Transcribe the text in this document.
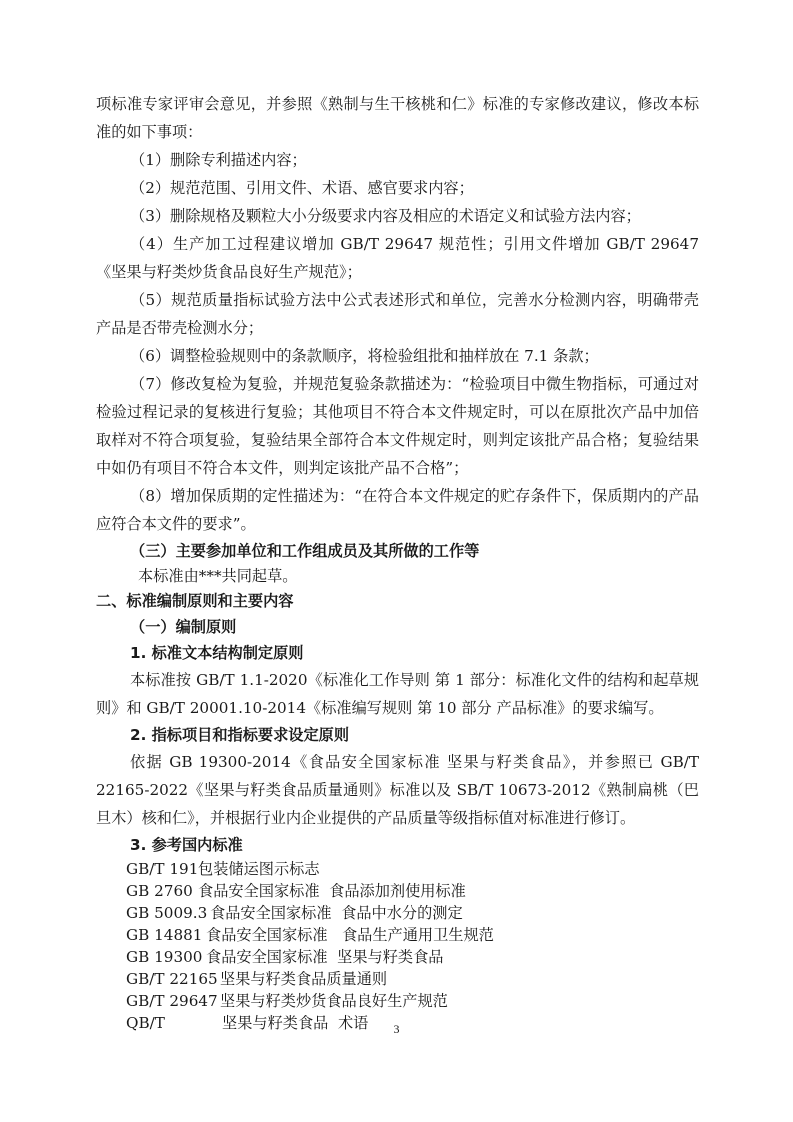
项标准专家评审会意见，并参照《熟制与生干核桃和仁》标准的专家修改建议，修改本标准的如下事项：

（1）删除专利描述内容；

（2）规范范围、引用文件、术语、感官要求内容；

（3）删除规格及颗粒大小分级要求内容及相应的术语定义和试验方法内容；

（4）生产加工过程建议增加 GB/T 29647 规范性；引用文件增加 GB/T 29647《坚果与籽类炒货食品良好生产规范》；

（5）规范质量指标试验方法中公式表述形式和单位，完善水分检测内容，明确带壳产品是否带壳检测水分；

（6）调整检验规则中的条款顺序，将检验组批和抽样放在 7.1 条款；

（7）修改复检为复验，并规范复验条款描述为：“检验项目中微生物指标，可通过对检验过程记录的复核进行复验；其他项目不符合本文件规定时，可以在原批次产品中加倍取样对不符合项复验，复验结果全部符合本文件规定时，则判定该批产品合格；复验结果中如仍有项目不符合本文件，则判定该批产品不合格”；

（8）增加保质期的定性描述为：“在符合本文件规定的贮存条件下，保质期内的产品应符合本文件的要求”。

（三）主要参加单位和工作组成员及其所做的工作等

本标准由***共同起草。

二、标准编制原则和主要内容

（一）编制原则

1. 标准文本结构制定原则

本标准按 GB/T 1.1-2020《标准化工作导则 第 1 部分：标准化文件的结构和起草规则》和 GB/T 20001.10-2014《标准编写规则 第 10 部分 产品标准》的要求编写。

2. 指标项目和指标要求设定原则

依据 GB 19300-2014《食品安全国家标准 坚果与籽类食品》，并参照已 GB/T 22165-2022《坚果与籽类食品质量通则》标准以及 SB/T 10673-2012《熟制扁桃（巴旦木）核和仁》，并根据行业内企业提供的产品质量等级指标值对标准进行修订。

3. 参考国内标准

GB/T 191包装储运图示标志
GB 2760 食品安全国家标准  食品添加剂使用标准
GB 5009.3 食品安全国家标准  食品中水分的测定
GB 14881 食品安全国家标准   食品生产通用卫生规范
GB 19300 食品安全国家标准  坚果与籽类食品
GB/T 22165 坚果与籽类食品质量通则
GB/T 29647 坚果与籽类炒货食品良好生产规范
QB/T	坚果与籽类食品  术语	3
